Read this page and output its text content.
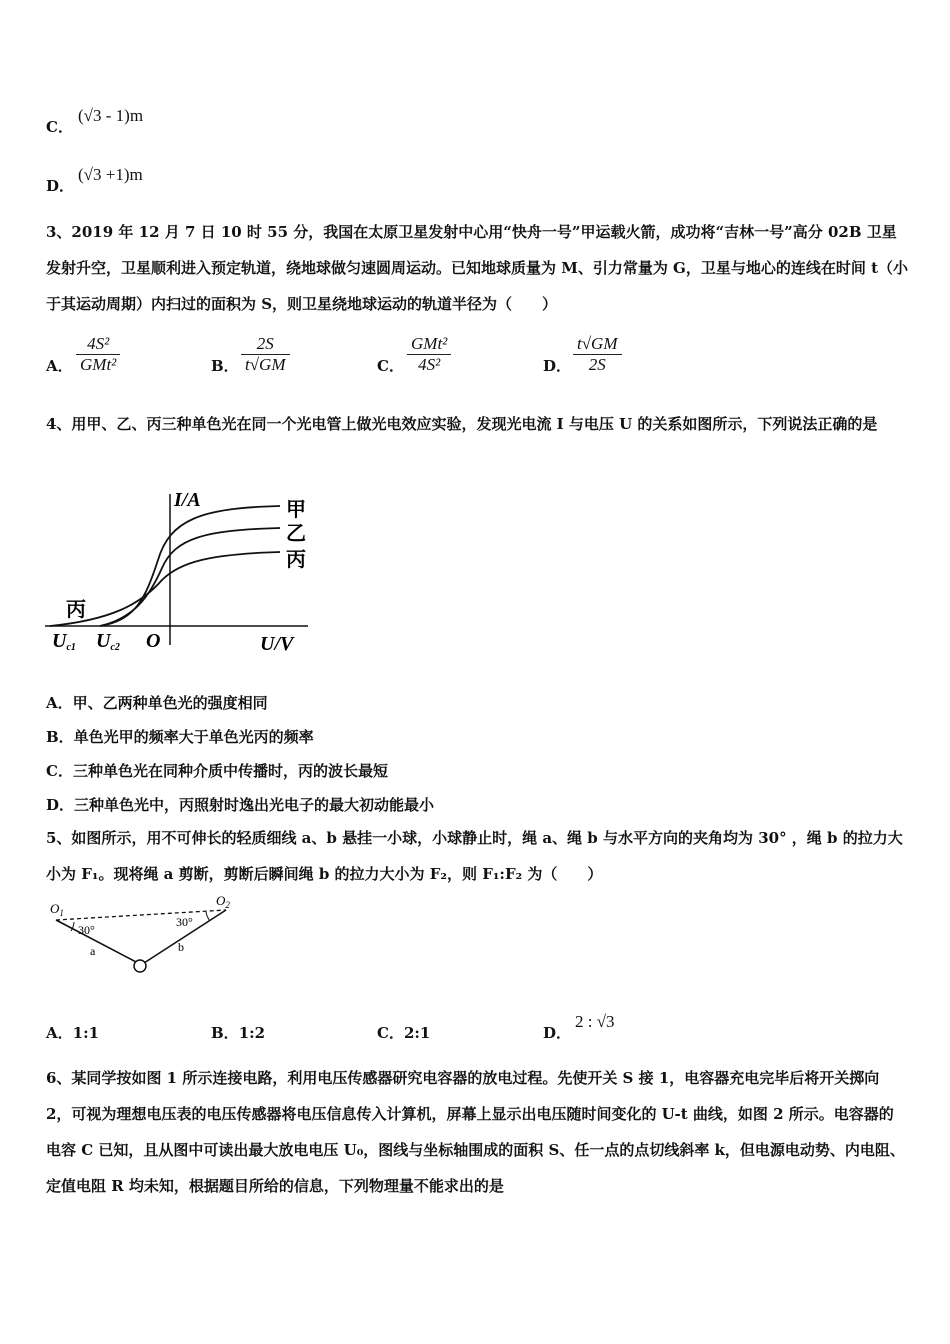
C．
(√3 - 1)m
D．
(√3 +1)m
3、2019 年 12 月 7 日 10 时 55 分，我国在太原卫星发射中心用“快舟一号”甲运载火箭，成功将“吉林一号”高分 02B 卫星发射升空，卫星顺利进入预定轨道，绕地球做匀速圆周运动。已知地球质量为 M、引力常量为 G，卫星与地心的连线在时间 t（小于其运动周期）内扫过的面积为 S，则卫星绕地球运动的轨道半径为（　　）
A．
4S²
GMt²	B． $\frac{2S}{t√GM}$	C．
GMt²
4S²	D． $\frac{t√GM}{2S}$
4、用甲、乙、丙三种单色光在同一个光电管上做光电效应实验，发现光电流 I 与电压 U 的关系如图所示，下列说法正确的是
I/A
U/V
O
甲
乙
丙
丙
Uc1 Uc2
A．甲、乙两种单色光的强度相同
B．单色光甲的频率大于单色光丙的频率
C．三种单色光在同种介质中传播时，丙的波长最短
D．三种单色光中，丙照射时逸出光电子的最大初动能最小
5、如图所示，用不可伸长的轻质细线 a、b 悬挂一小球，小球静止时，绳 a、绳 b 与水平方向的夹角均为 30° ，绳 b 的拉力大小为 F₁。现将绳 a 剪断，剪断后瞬间绳 b 的拉力大小为 F₂，则 F₁:F₂ 为（　　）
$O_1$
$O_2$
30°
30°
a	b
A．1:1	B．1:2	C．2:1	D．
2 : √3
6、某同学按如图 1 所示连接电路，利用电压传感器研究电容器的放电过程。先使开关 S 接 1，电容器充电完毕后将开关掷向 2，可视为理想电压表的电压传感器将电压信息传入计算机，屏幕上显示出电压随时间变化的 U-t 曲线，如图 2 所示。电容器的电容 C 已知，且从图中可读出最大放电电压 U₀，图线与坐标轴围成的面积 S、任一点的点切线斜率 k，但电源电动势、内电阻、定值电阻 R 均未知，根据题目所给的信息，下列物理量不能求出的是
